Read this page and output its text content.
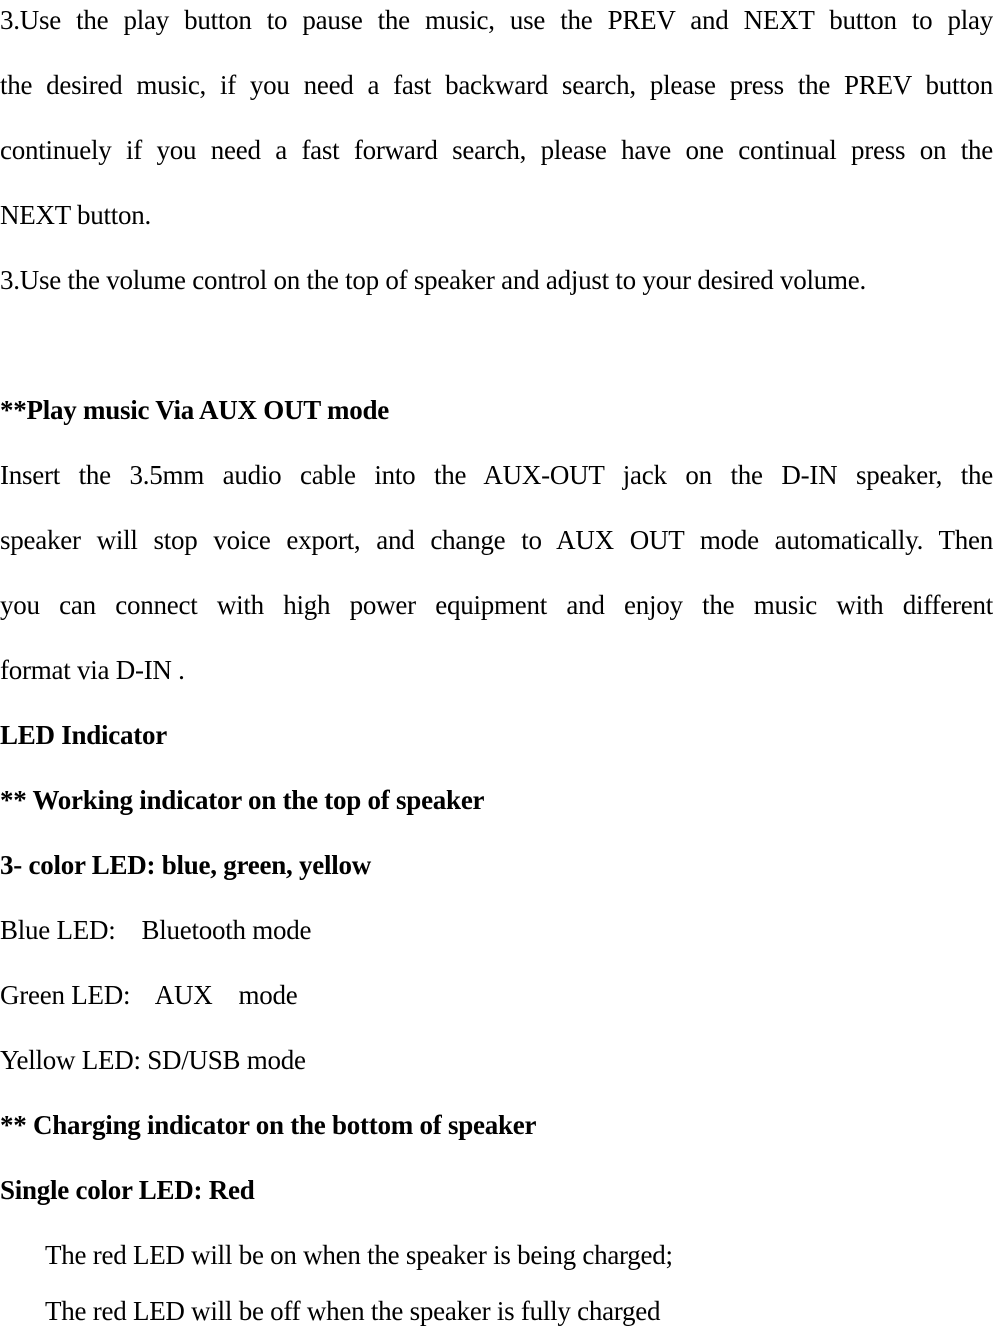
3.Use the play button to pause the music, use the PREV and NEXT button to play
the desired music, if you need a fast backward search, please press the PREV button
continuely if you need a fast forward search, please have one continual press on the
NEXT button.
3.Use the volume control on the top of speaker and adjust to your desired volume.
**Play music Via AUX OUT mode
Insert the 3.5mm audio cable into the AUX-OUT jack on the D-IN speaker, the
speaker will stop voice export, and change to AUX OUT mode automatically. Then
you can connect with high power equipment and enjoy the music with different
format via D-IN .
LED Indicator
** Working indicator on the top of speaker
3- color LED: blue, green, yellow
Blue LED:    Bluetooth mode
Green LED:    AUX    mode
Yellow LED: SD/USB mode
** Charging indicator on the bottom of speaker
Single color LED: Red
The red LED will be on when the speaker is being charged;
The red LED will be off when the speaker is fully charged
